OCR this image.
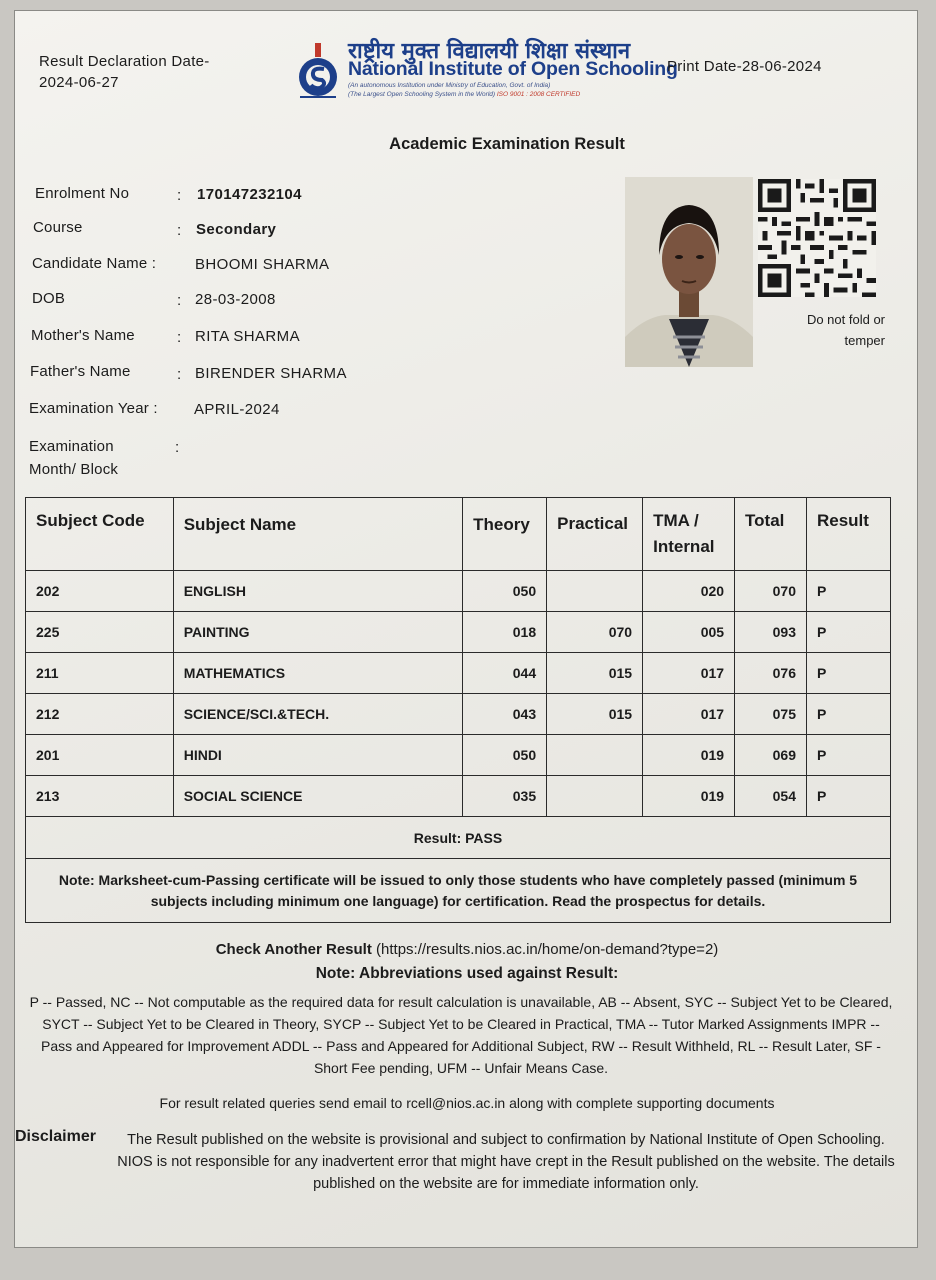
Result Declaration Date-
2024-06-27
राष्ट्रीय मुक्त विद्यालयी शिक्षा संस्थान
National Institute of Open Schooling
(An autonomous Institution under Ministry of Education, Govt. of India)
(The Largest Open Schooling System in the World) ISO 9001 : 2008 CERTIFIED
Print Date-28-06-2024
Academic Examination Result
Enrolment No	: 170147232104
Course	: Secondary
Candidate Name :	BHOOMI SHARMA
DOB	: 28-03-2008
Mother's Name	: RITA SHARMA
Father's Name	: BIRENDER SHARMA
Examination Year : APRIL-2024
Examination Month/ Block
:
Do not fold or
temper
Subject Code	Subject Name	Theory	Practical	TMA / Internal	Total	Result
202	ENGLISH	050		020	070	P
225	PAINTING	018	070	005	093	P
211	MATHEMATICS	044	015	017	076	P
212	SCIENCE/SCI.&TECH.	043	015	017	075	P
201	HINDI	050		019	069	P
213	SOCIAL SCIENCE	035		019	054	P
Result: PASS						
Note: Marksheet-cum-Passing certificate will be issued to only those students who have completely passed (minimum 5 subjects including minimum one language) for certification. Read the prospectus for details.						
Check Another Result (https://results.nios.ac.in/home/on-demand?type=2)
Note: Abbreviations used against Result:
P -- Passed, NC -- Not computable as the required data for result calculation is unavailable, AB -- Absent, SYC -- Subject Yet to be Cleared, SYCT -- Subject Yet to be Cleared in Theory, SYCP -- Subject Yet to be Cleared in Practical, TMA -- Tutor Marked Assignments IMPR -- Pass and Appeared for Improvement ADDL -- Pass and Appeared for Additional Subject, RW -- Result Withheld, RL -- Result Later, SF - Short Fee pending, UFM -- Unfair Means Case.
For result related queries send email to rcell@nios.ac.in along with complete supporting documents
Disclaimer	The Result published on the website is provisional and subject to confirmation by National Institute of Open Schooling. NIOS is not responsible for any inadvertent error that might have crept in the Result published on the website. The details published on the website are for immediate information only.
